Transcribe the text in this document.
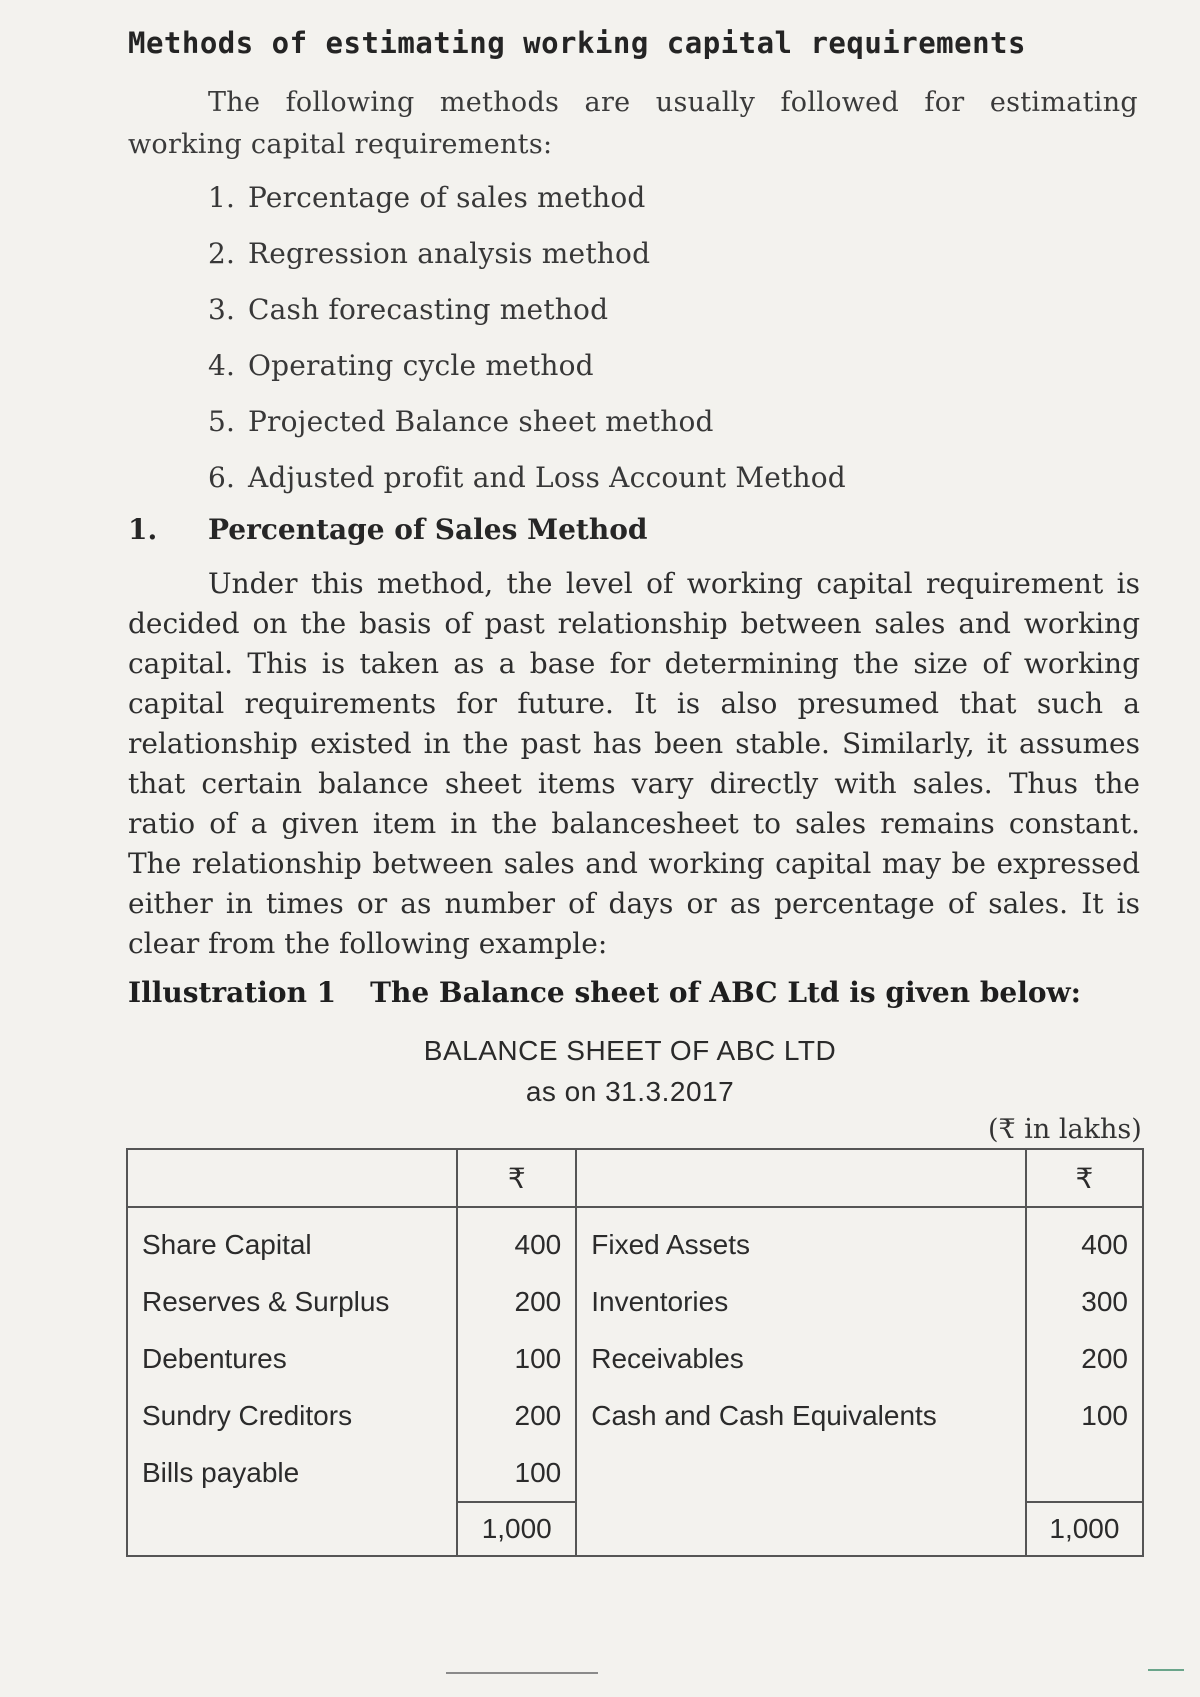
Methods of estimating working capital requirements
The following methods are usually followed for estimating working capital requirements:
1. Percentage of sales method
2. Regression analysis method
3. Cash forecasting method
4. Operating cycle method
5. Projected Balance sheet method
6. Adjusted profit and Loss Account Method
1. Percentage of Sales Method
Under this method, the level of working capital requirement is decided on the basis of past relationship between sales and working capital. This is taken as a base for determining the size of working capital requirements for future. It is also presumed that such a relationship existed in the past has been stable. Similarly, it assumes that certain balance sheet items vary directly with sales. Thus the ratio of a given item in the balancesheet to sales remains constant. The relationship between sales and working capital may be expressed either in times or as number of days or as percentage of sales. It is clear from the following example:
Illustration 1 The Balance sheet of ABC Ltd is given below:
BALANCE SHEET OF ABC LTD
as on 31.3.2017
(₹ in lakhs)
	₹		₹
Share Capital	400	Fixed Assets	400
Reserves & Surplus	200	Inventories	300
Debentures	100	Receivables	200
Sundry Creditors	200	Cash and Cash Equivalents	100
Bills payable	100		
	1,000		1,000
